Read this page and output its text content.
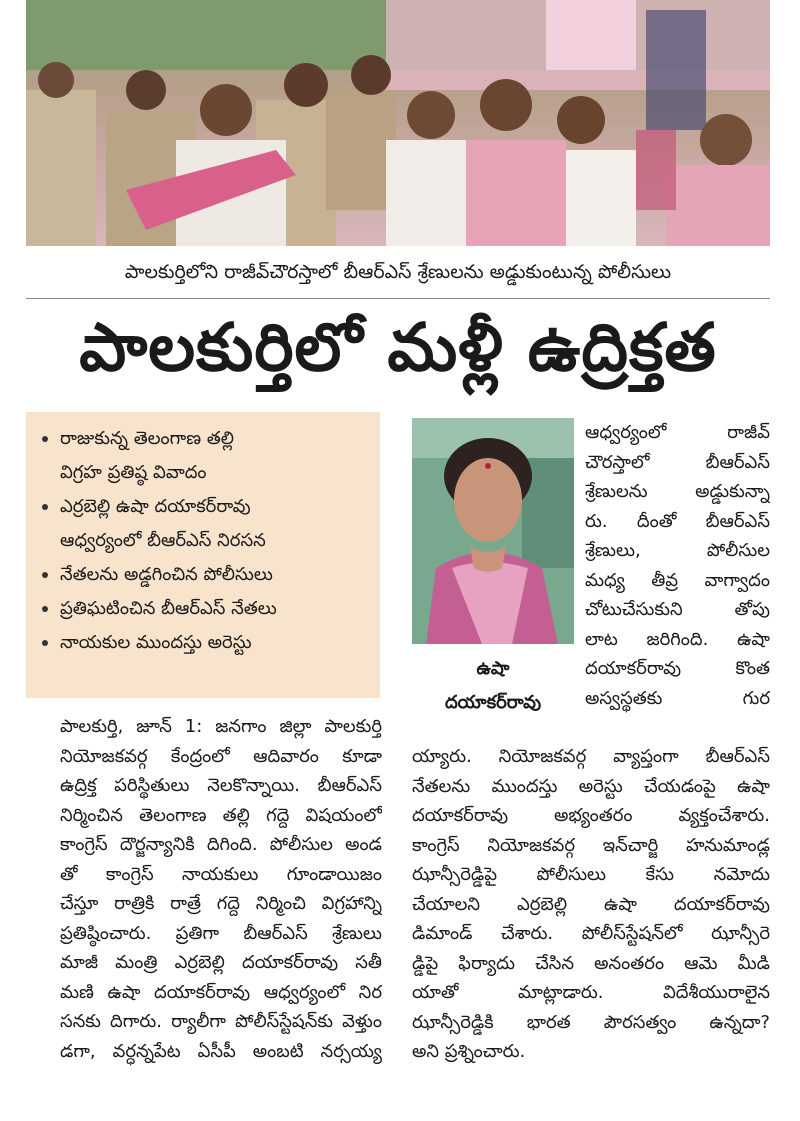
పాలకుర్తిలోని రాజీవ్‌చౌరస్తాలో బీఆర్‌ఎస్ శ్రేణులను అడ్డుకుంటున్న పోలీసులు
పాలకుర్తిలో మళ్లీ ఉద్రిక్తత
రాజుకున్న తెలంగాణ తల్లి
విగ్రహ ప్రతిష్ఠ వివాదం
ఎర్రబెల్లి ఉషా దయాకర్‌రావు
ఆధ్వర్యంలో బీఆర్‌ఎస్ నిరసన
నేతలను అడ్డగించిన పోలీసులు
ప్రతిఘటించిన బీఆర్‌ఎస్ నేతలు
నాయకుల ముందస్తు అరెస్టు
ఉషా
దయాకర్‌రావు
పాలకుర్తి, జూన్ 1: జనగాం జిల్లా పాలకుర్తి
నియోజకవర్గ కేంద్రంలో ఆదివారం కూడా
ఉద్రిక్త పరిస్థితులు నెలకొన్నాయి. బీఆర్‌ఎస్
నిర్మించిన తెలంగాణ తల్లి గద్దె విషయంలో
కాంగ్రెస్ దౌర్జన్యానికి దిగింది. పోలీసుల అండ
తో కాంగ్రెస్ నాయకులు గూండాయిజం
చేస్తూ రాత్రికి రాత్రే గద్దె నిర్మించి విగ్రహాన్ని
ప్రతిష్ఠించారు. ప్రతిగా బీఆర్‌ఎస్ శ్రేణులు
మాజీ మంత్రి ఎర్రబెల్లి దయాకర్‌రావు సతీ
మణి ఉషా దయాకర్‌రావు ఆధ్వర్యంలో నిర
సనకు దిగారు. ర్యాలీగా పోలీస్‌స్టేషన్‌కు వెళ్తుం
డగా, వర్ధన్నపేట ఏసీపీ అంబటి నర్సయ్య
ఆధ్వర్యంలో రాజీవ్
చౌరస్తాలో బీఆర్‌ఎస్
శ్రేణులను అడ్డుకున్నా
రు. దీంతో బీఆర్‌ఎస్
శ్రేణులు, పోలీసుల
మధ్య తీవ్ర వాగ్వాదం
చోటుచేసుకుని తోపు
లాట జరిగింది. ఉషా
దయాకర్‌రావు కొంత
అస్వస్థతకు గుర
య్యారు. నియోజకవర్గ వ్యాప్తంగా బీఆర్‌ఎస్
నేతలను ముందస్తు అరెస్టు చేయడంపై ఉషా
దయాకర్‌రావు అభ్యంతరం వ్యక్తంచేశారు.
కాంగ్రెస్ నియోజకవర్గ ఇన్‌చార్జి హనుమాండ్ల
ఝాన్సీరెడ్డిపై పోలీసులు కేసు నమోదు
చేయాలని ఎర్రబెల్లి ఉషా దయాకర్‌రావు
డిమాండ్ చేశారు. పోలీస్‌స్టేషన్‌లో ఝాన్సీరె
డ్డిపై ఫిర్యాదు చేసిన అనంతరం ఆమె మీడి
యాతో మాట్లాడారు. విదేశీయురాలైన
ఝాన్సీరెడ్డికి భారత పౌరసత్వం ఉన్నదా?
అని ప్రశ్నించారు.
